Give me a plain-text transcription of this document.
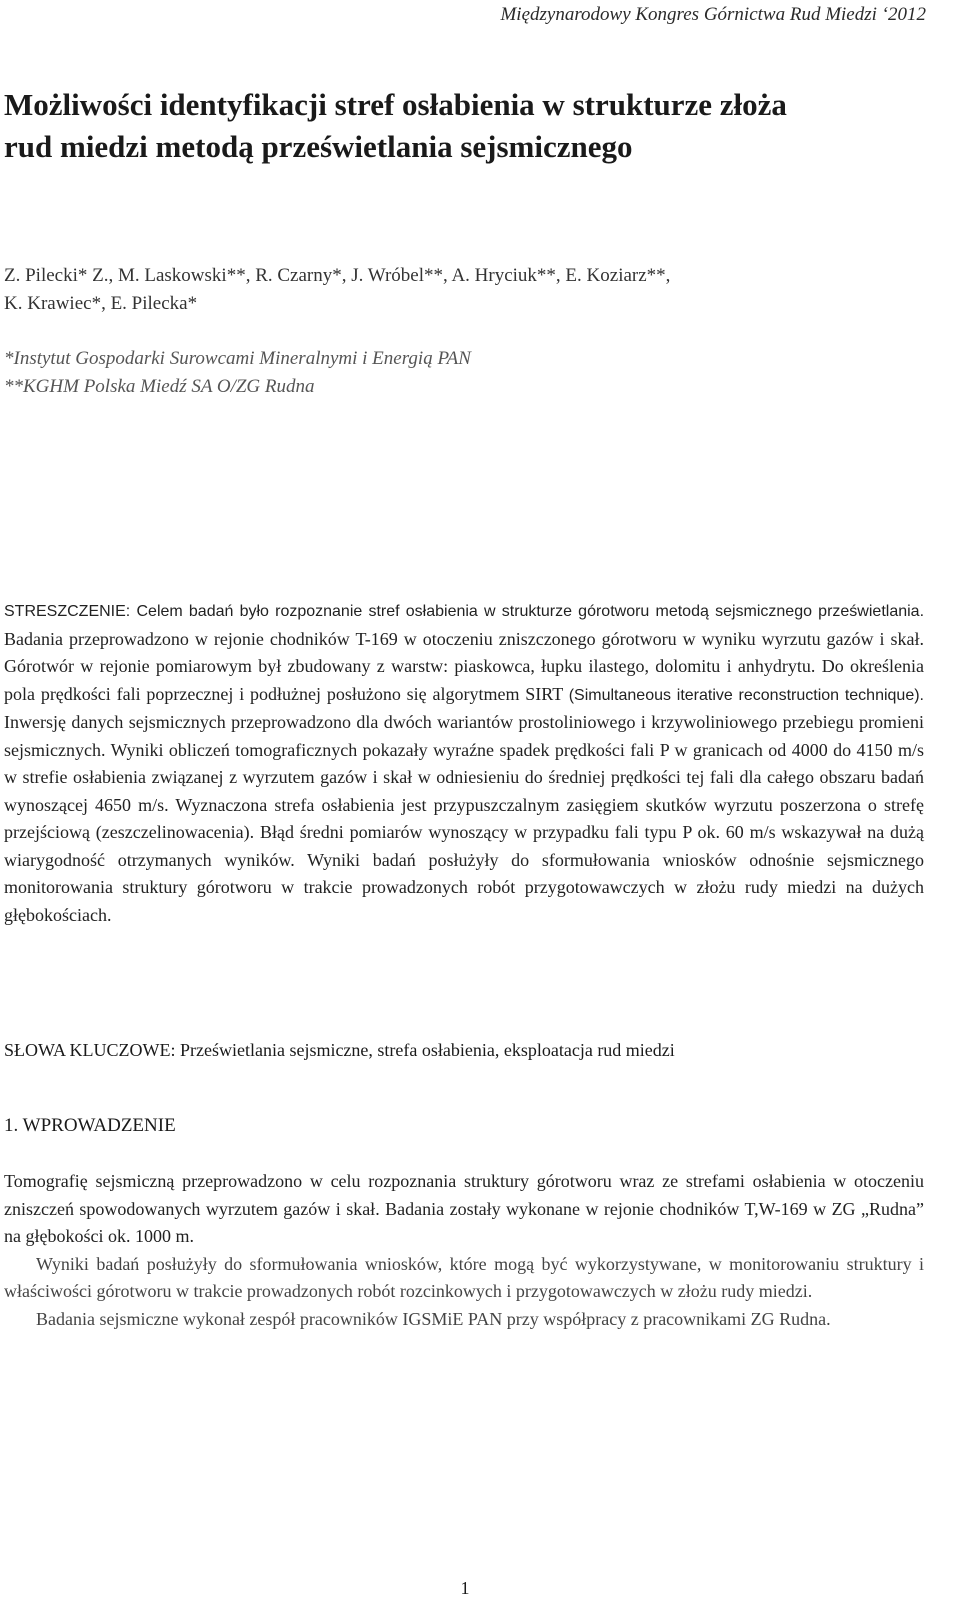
Międzynarodowy Kongres Górnictwa Rud Miedzi ‘2012
Możliwości identyfikacji stref osłabienia w strukturze złoża
rud miedzi metodą prześwietlania sejsmicznego
Z. Pilecki* Z., M. Laskowski**, R. Czarny*, J. Wróbel**, A. Hryciuk**, E. Koziarz**,
K. Krawiec*, E. Pilecka*
*Instytut Gospodarki Surowcami Mineralnymi i Energią PAN
**KGHM Polska Miedź SA O/ZG Rudna
STRESZCZENIE: Celem badań było rozpoznanie stref osłabienia w strukturze górotworu metodą sejsmicznego prześwietlania. Badania przeprowadzono w rejonie chodników T-169 w otoczeniu zniszczonego górotworu w wyniku wyrzutu gazów i skał. Górotwór w rejonie pomiarowym był zbudowany z warstw: piaskowca, łupku ilastego, dolomitu i anhydrytu. Do określenia pola prędkości fali poprzecznej i podłużnej posłużono się algorytmem SIRT (Simultaneous iterative reconstruction technique). Inwersję danych sejsmicznych przeprowadzono dla dwóch wariantów prostoliniowego i krzywoliniowego przebiegu promieni sejsmicznych. Wyniki obliczeń tomograficznych pokazały wyraźne spadek prędkości fali P w granicach od 4000 do 4150 m/s w strefie osłabienia związanej z wyrzutem gazów i skał w odniesieniu do średniej prędkości tej fali dla całego obszaru badań wynoszącej 4650 m/s. Wyznaczona strefa osłabienia jest przypuszczalnym zasięgiem skutków wyrzutu poszerzona o strefę przejściową (zeszczelinowacenia). Błąd średni pomiarów wynoszący w przypadku fali typu P ok. 60 m/s wskazywał na dużą wiarygodność otrzymanych wyników. Wyniki badań posłużyły do sformułowania wniosków odnośnie sejsmicznego monitorowania struktury górotworu w trakcie prowadzonych robót przygotowawczych w złożu rudy miedzi na dużych głębokościach.
SŁOWA KLUCZOWE: Prześwietlania sejsmiczne, strefa osłabienia, eksploatacja rud miedzi
1. WPROWADZENIE

Tomografię sejsmiczną przeprowadzono w celu rozpoznania struktury górotworu wraz ze strefami osłabienia w otoczeniu zniszczeń spowodowanych wyrzutem gazów i skał. Badania zostały wykonane w rejonie chodników T,W-169 w ZG „Rudna” na głębokości ok. 1000 m.

Wyniki badań posłużyły do sformułowania wniosków, które mogą być wykorzystywane, w monitorowaniu struktury i właściwości górotworu w trakcie prowadzonych robót rozcinkowych i przygotowawczych w złożu rudy miedzi.

Badania sejsmiczne wykonał zespół pracowników IGSMiE PAN przy współpracy z pracownikami ZG Rudna.

1
